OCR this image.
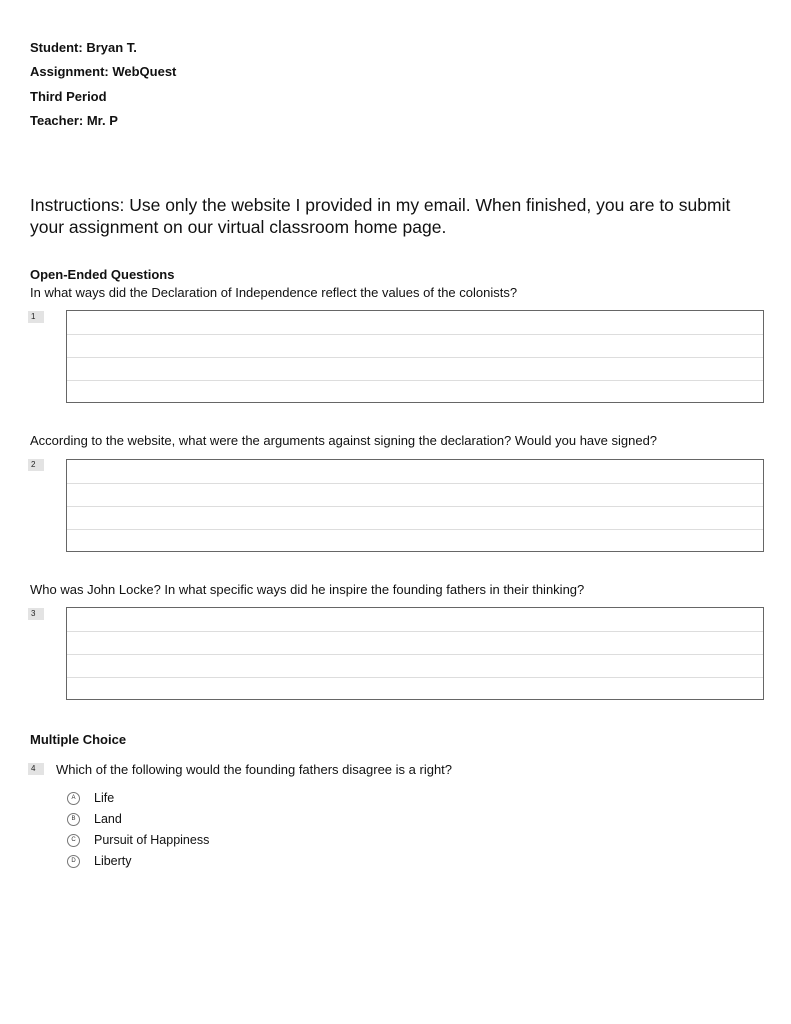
Student: Bryan T.
Assignment: WebQuest
Third Period
Teacher: Mr. P
Instructions: Use only the website I provided in my email. When finished, you are to submit your assignment on our virtual classroom home page.
Open-Ended Questions
In what ways did the Declaration of Independence reflect the values of the colonists?
1
According to the website, what were the arguments against signing the declaration? Would you have signed?
2
Who was John Locke? In what specific ways did he inspire the founding fathers in their thinking?
3
Multiple Choice
4	Which of the following would the founding fathers disagree is a right?
A	Life
B	Land
C	Pursuit of Happiness
D	Liberty
